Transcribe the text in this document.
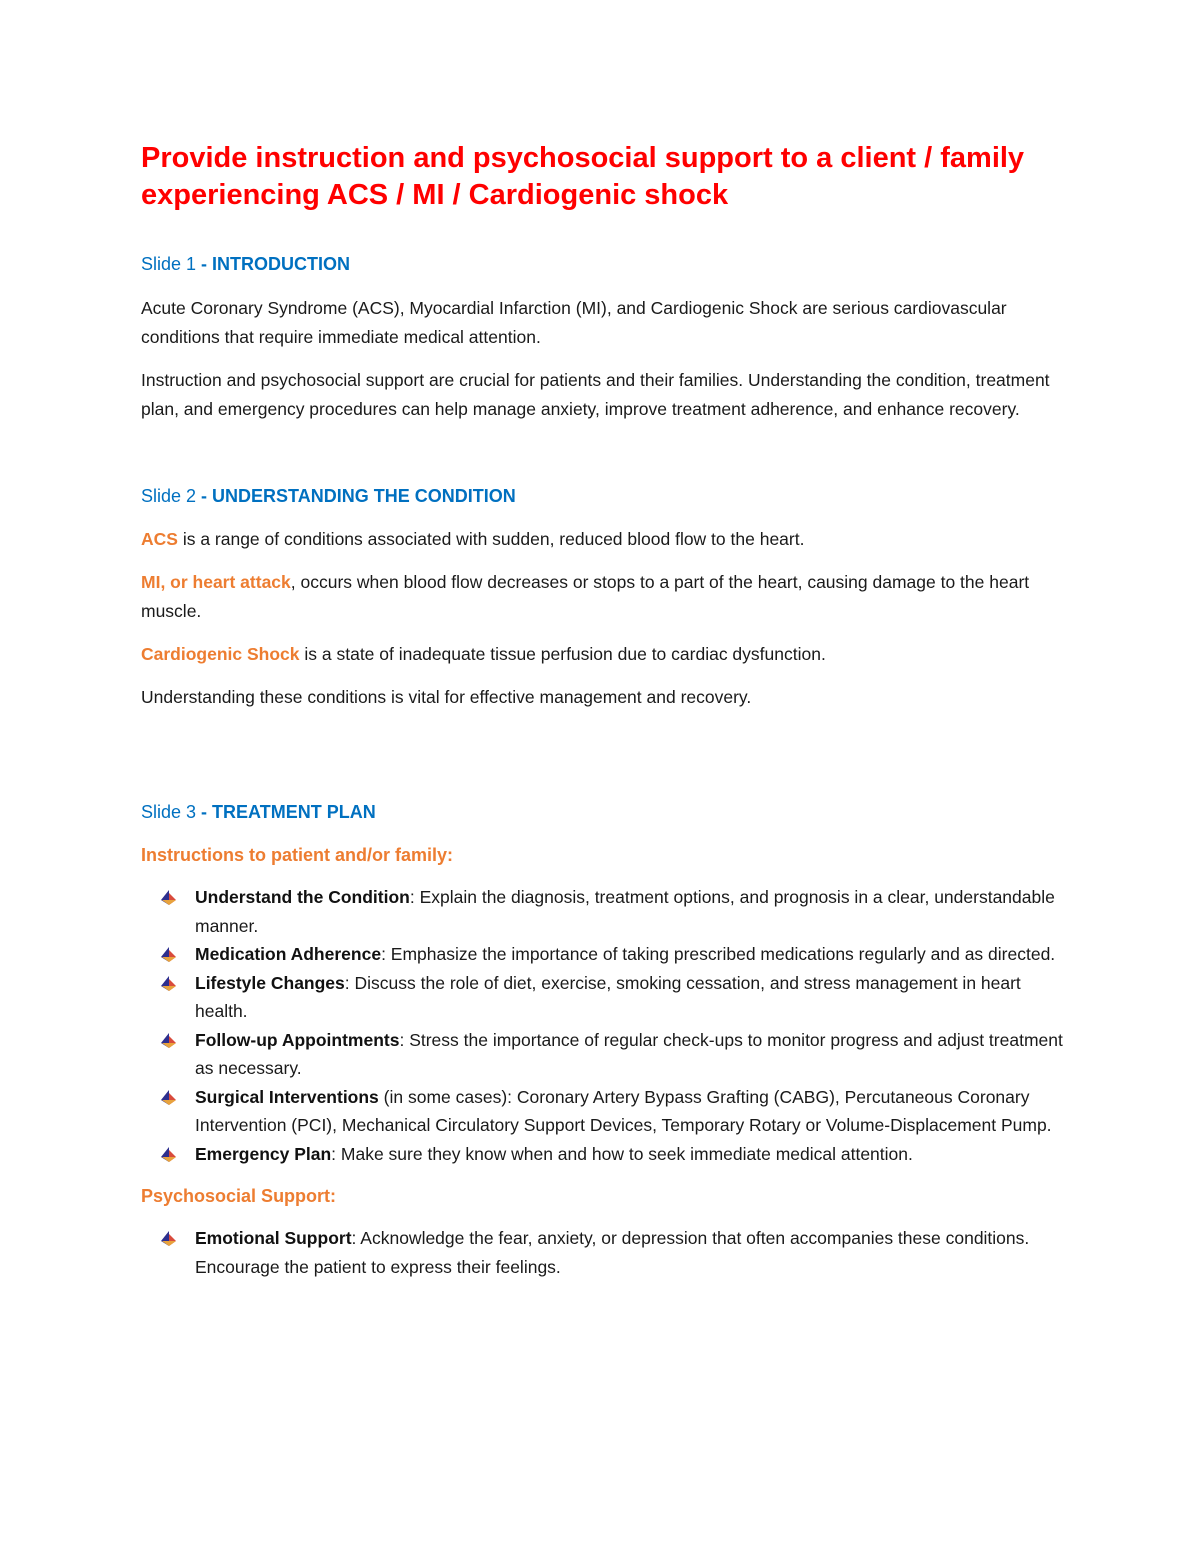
Provide instruction and psychosocial support to a client / family experiencing ACS / MI / Cardiogenic shock
Slide 1 - INTRODUCTION

Acute Coronary Syndrome (ACS), Myocardial Infarction (MI), and Cardiogenic Shock are serious cardiovascular conditions that require immediate medical attention.

Instruction and psychosocial support are crucial for patients and their families. Understanding the condition, treatment plan, and emergency procedures can help manage anxiety, improve treatment adherence, and enhance recovery.

Slide 2 - UNDERSTANDING THE CONDITION

ACS is a range of conditions associated with sudden, reduced blood flow to the heart.

MI, or heart attack, occurs when blood flow decreases or stops to a part of the heart, causing damage to the heart muscle.

Cardiogenic Shock is a state of inadequate tissue perfusion due to cardiac dysfunction.

Understanding these conditions is vital for effective management and recovery.

Slide 3 - TREATMENT PLAN
Instructions to patient and/or family:
Understand the Condition: Explain the diagnosis, treatment options, and prognosis in a clear, understandable manner.
Medication Adherence: Emphasize the importance of taking prescribed medications regularly and as directed.
Lifestyle Changes: Discuss the role of diet, exercise, smoking cessation, and stress management in heart health.
Follow-up Appointments: Stress the importance of regular check-ups to monitor progress and adjust treatment as necessary.
Surgical Interventions (in some cases): Coronary Artery Bypass Grafting (CABG), Percutaneous Coronary Intervention (PCI), Mechanical Circulatory Support Devices, Temporary Rotary or Volume-Displacement Pump.
Emergency Plan: Make sure they know when and how to seek immediate medical attention.
Psychosocial Support:
Emotional Support: Acknowledge the fear, anxiety, or depression that often accompanies these conditions. Encourage the patient to express their feelings.
